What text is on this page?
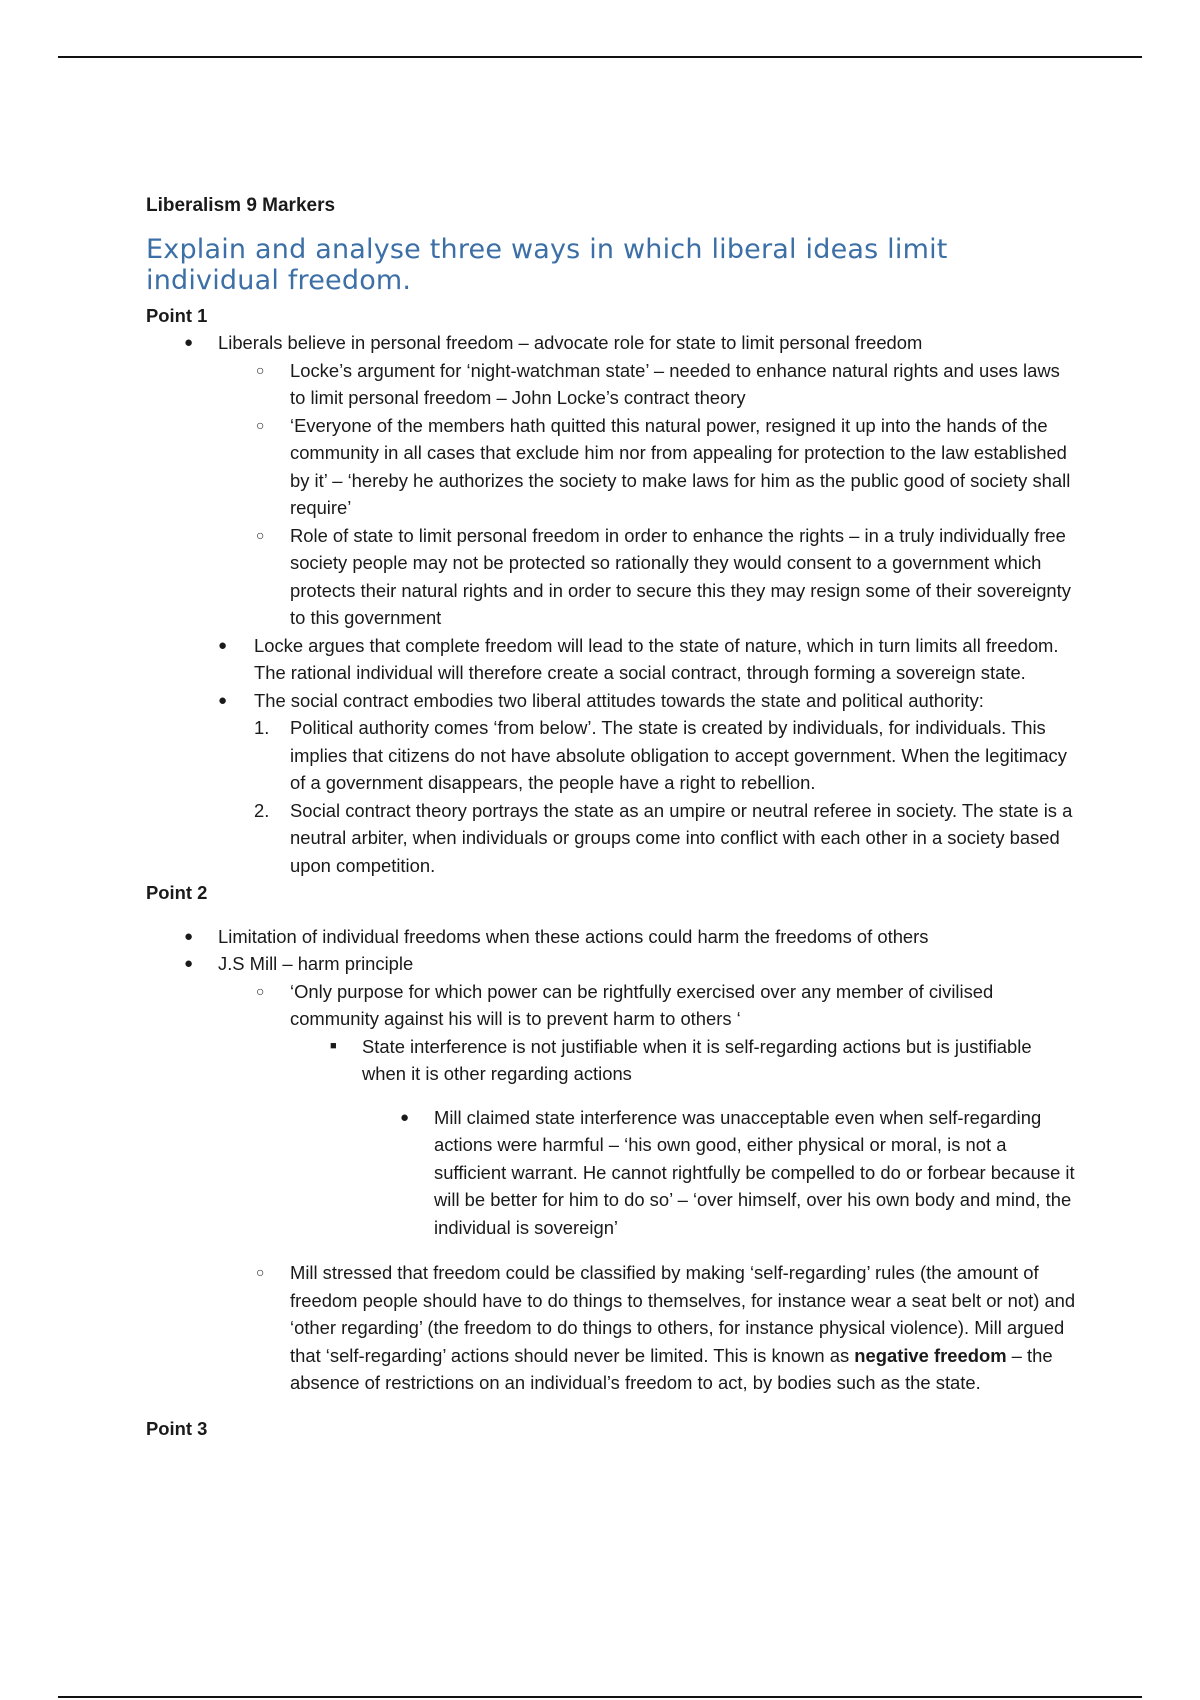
Liberalism 9 Markers
Explain and analyse three ways in which liberal ideas limit individual freedom.
Point 1
● Liberals believe in personal freedom – advocate role for state to limit personal freedom
○ Locke’s argument for ‘night-watchman state’ – needed to enhance natural rights and uses laws to limit personal freedom – John Locke’s contract theory
○ ‘Everyone of the members hath quitted this natural power, resigned it up into the hands of the community in all cases that exclude him nor from appealing for protection to the law established by it’ – ‘hereby he authorizes the society to make laws for him as the public good of society shall require’
○ Role of state to limit personal freedom in order to enhance the rights – in a truly individually free society people may not be protected so rationally they would consent to a government which protects their natural rights and in order to secure this they may resign some of their sovereignty to this government
● Locke argues that complete freedom will lead to the state of nature, which in turn limits all freedom. The rational individual will therefore create a social contract, through forming a sovereign state.
● The social contract embodies two liberal attitudes towards the state and political authority:
1. Political authority comes ‘from below’. The state is created by individuals, for individuals. This implies that citizens do not have absolute obligation to accept government. When the legitimacy of a government disappears, the people have a right to rebellion.
2. Social contract theory portrays the state as an umpire or neutral referee in society. The state is a neutral arbiter, when individuals or groups come into conflict with each other in a society based upon competition.
Point 2
● Limitation of individual freedoms when these actions could harm the freedoms of others
● J.S Mill – harm principle
○ ‘Only purpose for which power can be rightfully exercised over any member of civilised community against his will is to prevent harm to others ‘
■ State interference is not justifiable when it is self-regarding actions but is justifiable when it is other regarding actions
● Mill claimed state interference was unacceptable even when self-regarding actions were harmful – ‘his own good, either physical or moral, is not a sufficient warrant. He cannot rightfully be compelled to do or forbear because it will be better for him to do so’ – ‘over himself, over his own body and mind, the individual is sovereign’
○ Mill stressed that freedom could be classified by making ‘self-regarding’ rules (the amount of freedom people should have to do things to themselves, for instance wear a seat belt or not) and ‘other regarding’ (the freedom to do things to others, for instance physical violence). Mill argued that ‘self-regarding’ actions should never be limited. This is known as negative freedom – the absence of restrictions on an individual’s freedom to act, by bodies such as the state.
Point 3
